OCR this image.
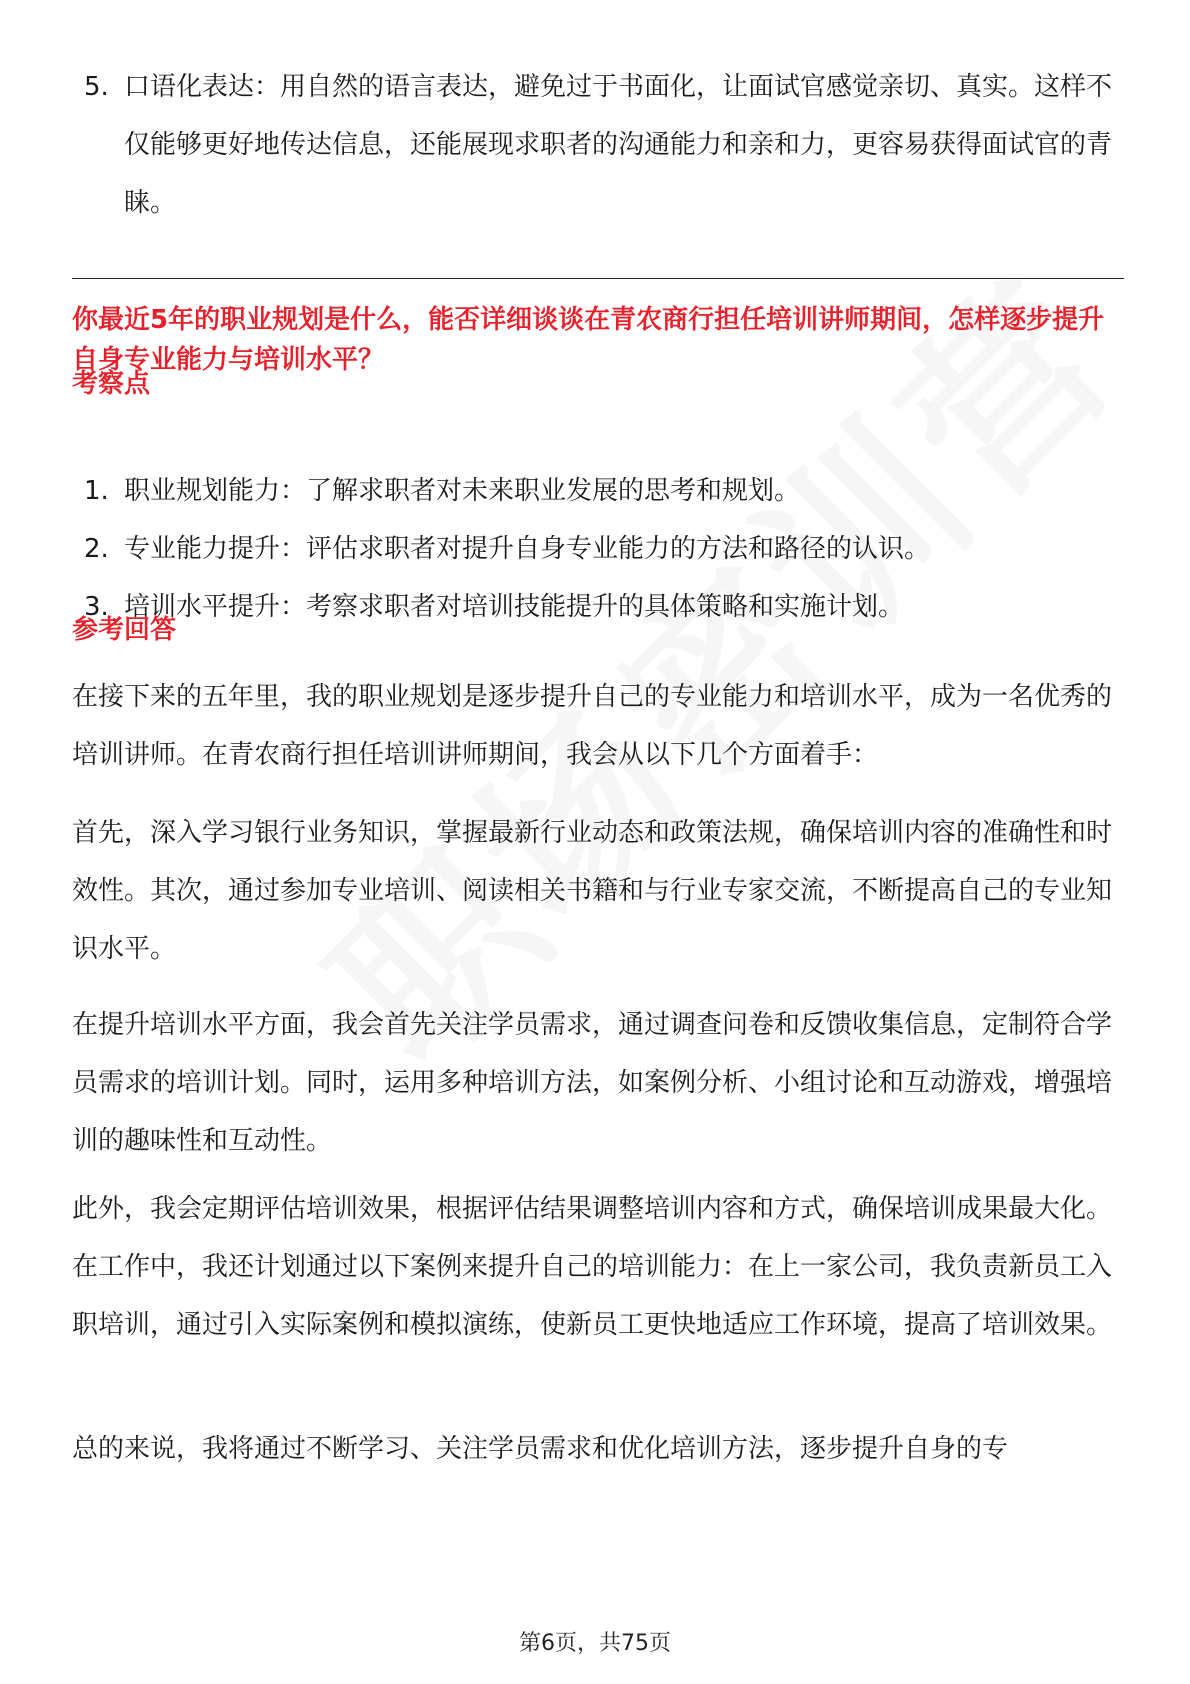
5. 口语化表达：用自然的语言表达，避免过于书面化，让面试官感觉亲切、真实。这样不仅能够更好地传达信息，还能展现求职者的沟通能力和亲和力，更容易获得面试官的青睐。
你最近5年的职业规划是什么，能否详细谈谈在青农商行担任培训讲师期间，怎样逐步提升自身专业能力与培训水平？
考察点
1. 职业规划能力：了解求职者对未来职业发展的思考和规划。
2. 专业能力提升：评估求职者对提升自身专业能力的方法和路径的认识。
3. 培训水平提升：考察求职者对培训技能提升的具体策略和实施计划。
参考回答

在接下来的五年里，我的职业规划是逐步提升自己的专业能力和培训水平，成为一名优秀的培训讲师。在青农商行担任培训讲师期间，我会从以下几个方面着手：

首先，深入学习银行业务知识，掌握最新行业动态和政策法规，确保培训内容的准确性和时效性。其次，通过参加专业培训、阅读相关书籍和与行业专家交流，不断提高自己的专业知识水平。

在提升培训水平方面，我会首先关注学员需求，通过调查问卷和反馈收集信息，定制符合学员需求的培训计划。同时，运用多种培训方法，如案例分析、小组讨论和互动游戏，增强培训的趣味性和互动性。

此外，我会定期评估培训效果，根据评估结果调整培训内容和方式，确保培训成果最大化。在工作中，我还计划通过以下案例来提升自己的培训能力：在上一家公司，我负责新员工入职培训，通过引入实际案例和模拟演练，使新员工更快地适应工作环境，提高了培训效果。

总的来说，我将通过不断学习、关注学员需求和优化培训方法，逐步提升自身的专

第6页，共75页
